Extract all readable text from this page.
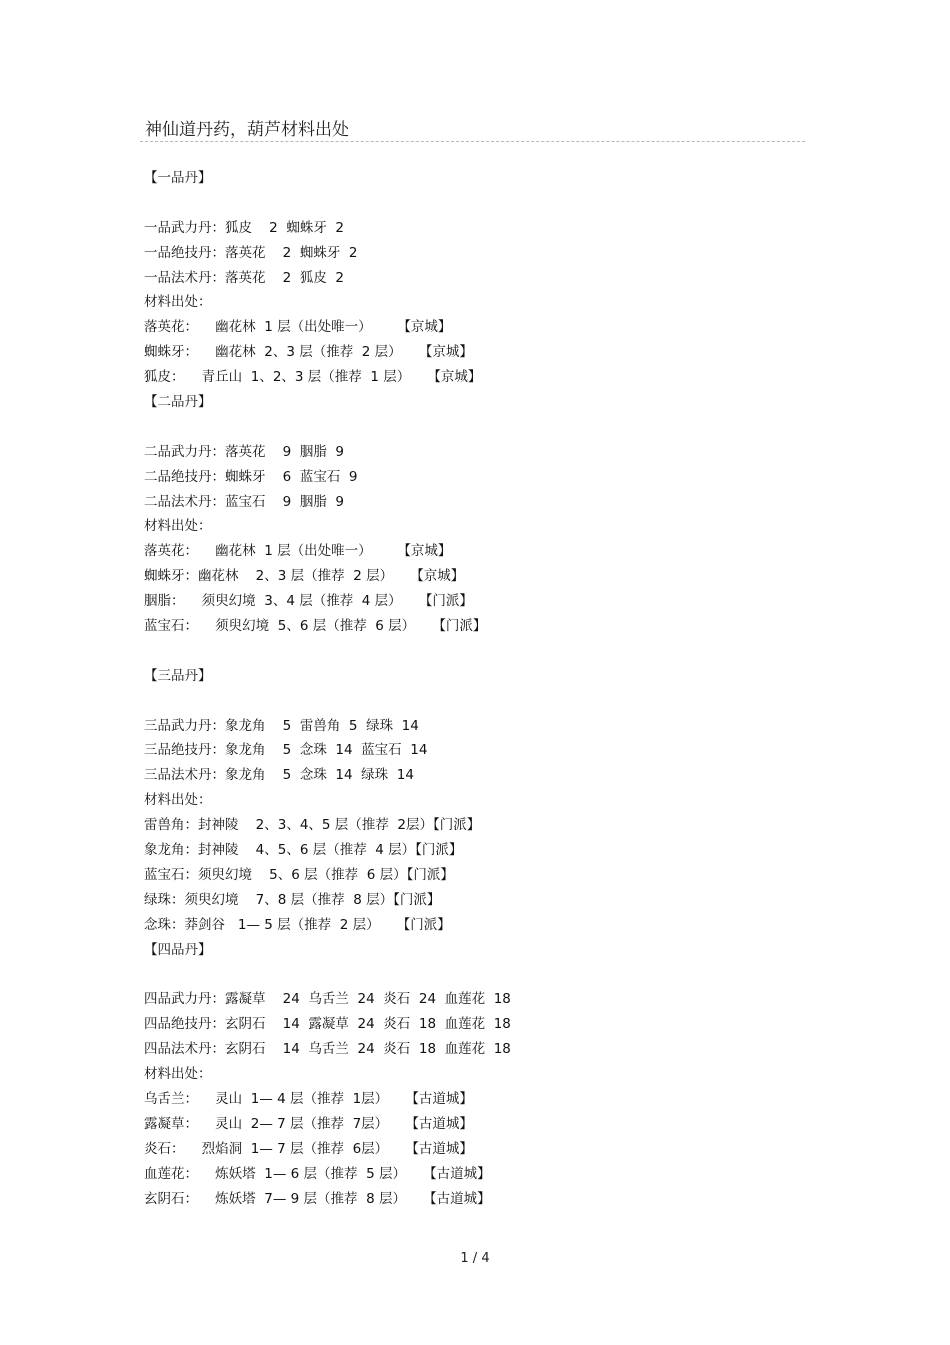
神仙道丹药，葫芦材料出处
【一品丹】
一品武力丹：狐皮    2  蜘蛛牙  2
一品绝技丹：落英花    2  蜘蛛牙  2
一品法术丹：落英花    2  狐皮  2
材料出处：
落英花：    幽花林  1 层（出处唯一）      【京城】
蜘蛛牙：    幽花林  2、3 层（推荐  2 层）    【京城】
狐皮：    青丘山  1、2、3 层（推荐  1 层）    【京城】
【二品丹】
二品武力丹：落英花    9  胭脂  9
二品绝技丹：蜘蛛牙    6  蓝宝石  9
二品法术丹：蓝宝石    9  胭脂  9
材料出处：
落英花：    幽花林  1 层（出处唯一）      【京城】
蜘蛛牙：幽花林    2、3 层（推荐  2 层）    【京城】
胭脂：    须臾幻境  3、4 层（推荐  4 层）    【门派】
蓝宝石：    须臾幻境  5、6 层（推荐  6 层）    【门派】
【三品丹】
三品武力丹：象龙角    5  雷兽角  5  绿珠  14
三品绝技丹：象龙角    5  念珠  14  蓝宝石  14
三品法术丹：象龙角    5  念珠  14  绿珠  14
材料出处：
雷兽角：封神陵    2、3、4、5 层（推荐  2层）【门派】
象龙角：封神陵    4、5、6 层（推荐  4 层）【门派】
蓝宝石：须臾幻境    5、6 层（推荐  6 层）【门派】
绿珠：须臾幻境    7、8 层（推荐  8 层）【门派】
念珠：莽剑谷   1— 5 层（推荐  2 层）    【门派】
【四品丹】
四品武力丹：露凝草    24  乌舌兰  24  炎石  24  血莲花  18
四品绝技丹：玄阴石    14  露凝草  24  炎石  18  血莲花  18
四品法术丹：玄阴石    14  乌舌兰  24  炎石  18  血莲花  18
材料出处：
乌舌兰：    灵山  1— 4 层（推荐  1层）    【古道城】
露凝草：    灵山  2— 7 层（推荐  7层）    【古道城】
炎石：    烈焰洞  1— 7 层（推荐  6层）    【古道城】
血莲花：    炼妖塔  1— 6 层（推荐  5 层）    【古道城】
玄阴石：    炼妖塔  7— 9 层（推荐  8 层）    【古道城】
1 / 4
